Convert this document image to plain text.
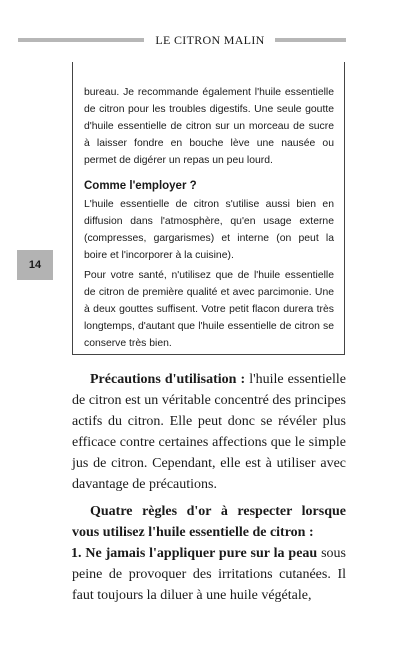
LE CITRON MALIN
14

bureau. Je recommande également l'huile essentielle de citron pour les troubles digestifs. Une seule goutte d'huile essentielle de citron sur un morceau de sucre à laisser fondre en bouche lève une nausée ou permet de digérer un repas un peu lourd.

Comme l'employer ?

L'huile essentielle de citron s'utilise aussi bien en diffusion dans l'atmosphère, qu'en usage externe (compresses, gargarismes) et interne (on peut la boire et l'incorporer à la cuisine).

Pour votre santé, n'utilisez que de l'huile essentielle de citron de première qualité et avec parcimonie. Une à deux gouttes suffisent. Votre petit flacon durera très longtemps, d'autant que l'huile essentielle de citron se conserve très bien.

Précautions d'utilisation : l'huile essentielle de citron est un véritable concentré des principes actifs du citron. Elle peut donc se révéler plus efficace contre certaines affections que le simple jus de citron. Cependant, elle est à utiliser avec davantage de précautions.

Quatre règles d'or à respecter lorsque vous utilisez l'huile essentielle de citron :

1. Ne jamais l'appliquer pure sur la peau sous peine de provoquer des irritations cutanées. Il faut toujours la diluer à une huile végétale,
